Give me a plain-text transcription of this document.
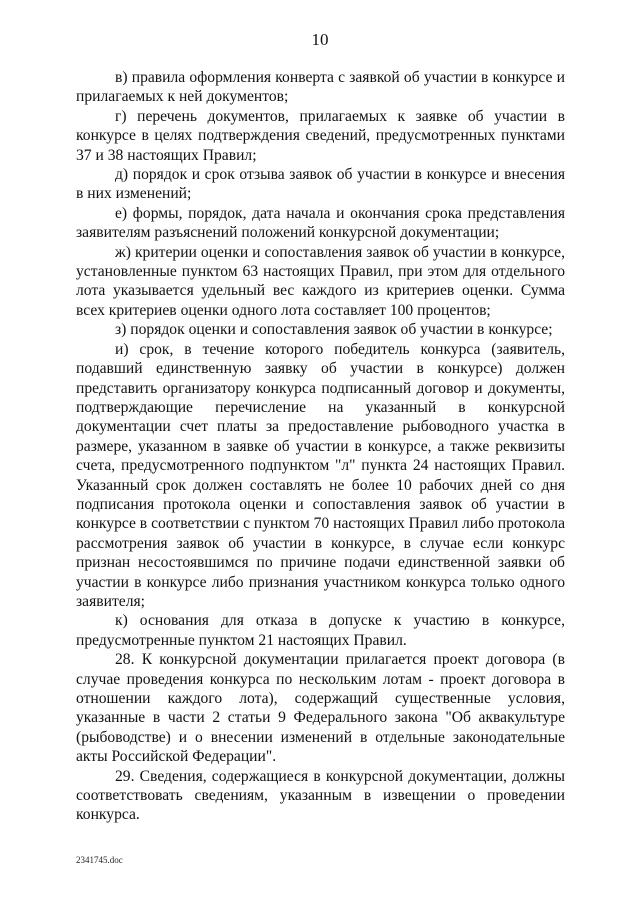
10

в) правила оформления конверта с заявкой об участии в конкурсе и прилагаемых к ней документов;

г) перечень документов, прилагаемых к заявке об участии в конкурсе в целях подтверждения сведений, предусмотренных пунктами 37 и 38 настоящих Правил;

д) порядок и срок отзыва заявок об участии в конкурсе и внесения в них изменений;

е) формы, порядок, дата начала и окончания срока представления заявителям разъяснений положений конкурсной документации;

ж) критерии оценки и сопоставления заявок об участии в конкурсе, установленные пунктом 63 настоящих Правил, при этом для отдельного лота указывается удельный вес каждого из критериев оценки. Сумма всех критериев оценки одного лота составляет 100 процентов;

з) порядок оценки и сопоставления заявок об участии в конкурсе;

и) срок, в течение которого победитель конкурса (заявитель, подавший единственную заявку об участии в конкурсе) должен представить организатору конкурса подписанный договор и документы, подтверждающие перечисление на указанный в конкурсной документации счет платы за предоставление рыбоводного участка в размере, указанном в заявке об участии в конкурсе, а также реквизиты счета, предусмотренного подпунктом "л" пункта 24 настоящих Правил. Указанный срок должен составлять не более 10 рабочих дней со дня подписания протокола оценки и сопоставления заявок об участии в конкурсе в соответствии с пунктом 70 настоящих Правил либо протокола рассмотрения заявок об участии в конкурсе, в случае если конкурс признан несостоявшимся по причине подачи единственной заявки об участии в конкурсе либо признания участником конкурса только одного заявителя;

к) основания для отказа в допуске к участию в конкурсе, предусмотренные пунктом 21 настоящих Правил.

28. К конкурсной документации прилагается проект договора (в случае проведения конкурса по нескольким лотам - проект договора в отношении каждого лота), содержащий существенные условия, указанные в части 2 статьи 9 Федерального закона "Об аквакультуре (рыбоводстве) и о внесении изменений в отдельные законодательные акты Российской Федерации".

29. Сведения, содержащиеся в конкурсной документации, должны соответствовать сведениям, указанным в извещении о проведении конкурса.

2341745.doc
